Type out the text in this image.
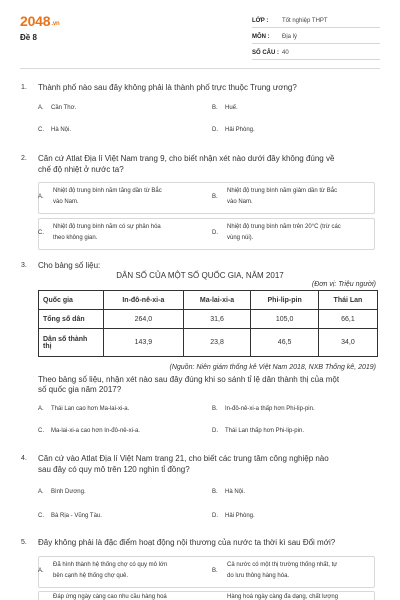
2048.vn
Đề 8
LỚP :	Tốt nghiệp THPT
MÔN :	Địa lý
SỐ CÂU : 40
1. Thành phố nào sau đây không phải là thành phố trực thuộc Trung ương?
A. Cần Thơ.	B. Huế.
C. Hà Nội.	D. Hải Phòng.
2. Căn cứ Atlat Địa lí Việt Nam trang 9, cho biết nhận xét nào dưới đây không đúng về
chế độ nhiệt ở nước ta?
A.
Nhiệt độ trung bình năm tăng dần từ Bắc
vào Nam.
B.
Nhiệt độ trung bình năm giảm dần từ Bắc
vào Nam.
C.
Nhiệt độ trung bình năm có sự phân hóa
theo không gian.
D.
Nhiệt độ trung bình năm trên 20°C (trừ các
vùng núi).
3. Cho bảng số liệu:
DÂN SỐ CỦA MỘT SỐ QUỐC GIA, NĂM 2017
(Đơn vị: Triệu người)
Quốc gia	In-đô-nê-xi-a	Ma-lai-xi-a	Phi-lip-pin	Thái Lan
Tổng số dân	264,0	31,6	105,0	66,1
Dân số thành
thị	143,9	23,8	46,5	34,0
(Nguồn: Niên giám thống kê Việt Nam 2018, NXB Thống kê, 2019)
Theo bảng số liệu, nhận xét nào sau đây đúng khi so sánh tỉ lệ dân thành thị của một
số quốc gia năm 2017?
A. Thái Lan cao hơn Ma-lai-xi-a.	B. In-đô-nê-xi-a thấp hơn Phi-lip-pin.
C. Ma-lai-xi-a cao hơn In-đô-nê-xi-a.	D. Thái Lan thấp hơn Phi-lip-pin.
4. Căn cứ vào Atlat Địa lí Việt Nam trang 21, cho biết các trung tâm công nghiệp nào
sau đây có quy mô trên 120 nghìn tỉ đồng?
A. Bình Dương.	B. Hà Nội.
C. Bà Rịa - Vũng Tàu.	D. Hải Phòng.
5. Đây không phải là đặc điểm hoạt động nội thương của nước ta thời kì sau Đổi mới?
A.
Đã hình thành hệ thống chợ có quy mô lớn
bên cạnh hệ thống chợ quê.
B.
Cả nước có một thị trường thống nhất, tự
do lưu thông hàng hóa.
Đáp ứng ngày càng cao nhu cầu hàng hoá	Hàng hoá ngày càng đa dạng, chất lượng
